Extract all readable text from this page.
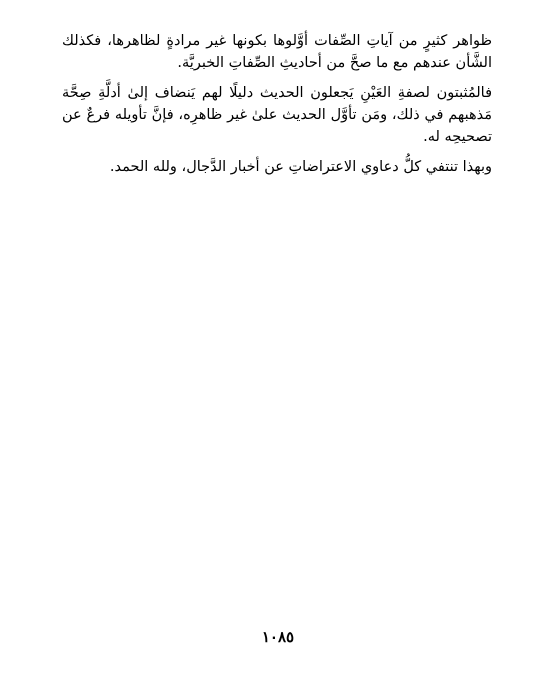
ظواهر كثيرٍ من آياتِ الصِّفات أوَّلوها بكونها غير مرادةٍ لظاهرها، فكذلك الشَّأن عندهم مع ما صحَّ من أحاديثِ الصِّفاتِ الخبريَّة.

فالمُثبتون لصفةِ العَيْنِ يَجعلون الحديث دليلًا لهم يَنضاف إلىٰ أدلَّةِ صِحَّة مَذهبهم في ذلك، ومَن تأوَّل الحديث علىٰ غير ظاهرِه، فإنَّ تأويله فرعٌ عن تصحيحِه له.

وبهذا تنتفي كلُّ دعاوي الاعتراضاتِ عن أخبار الدَّجال، ولله الحمد.

١٠٨٥
